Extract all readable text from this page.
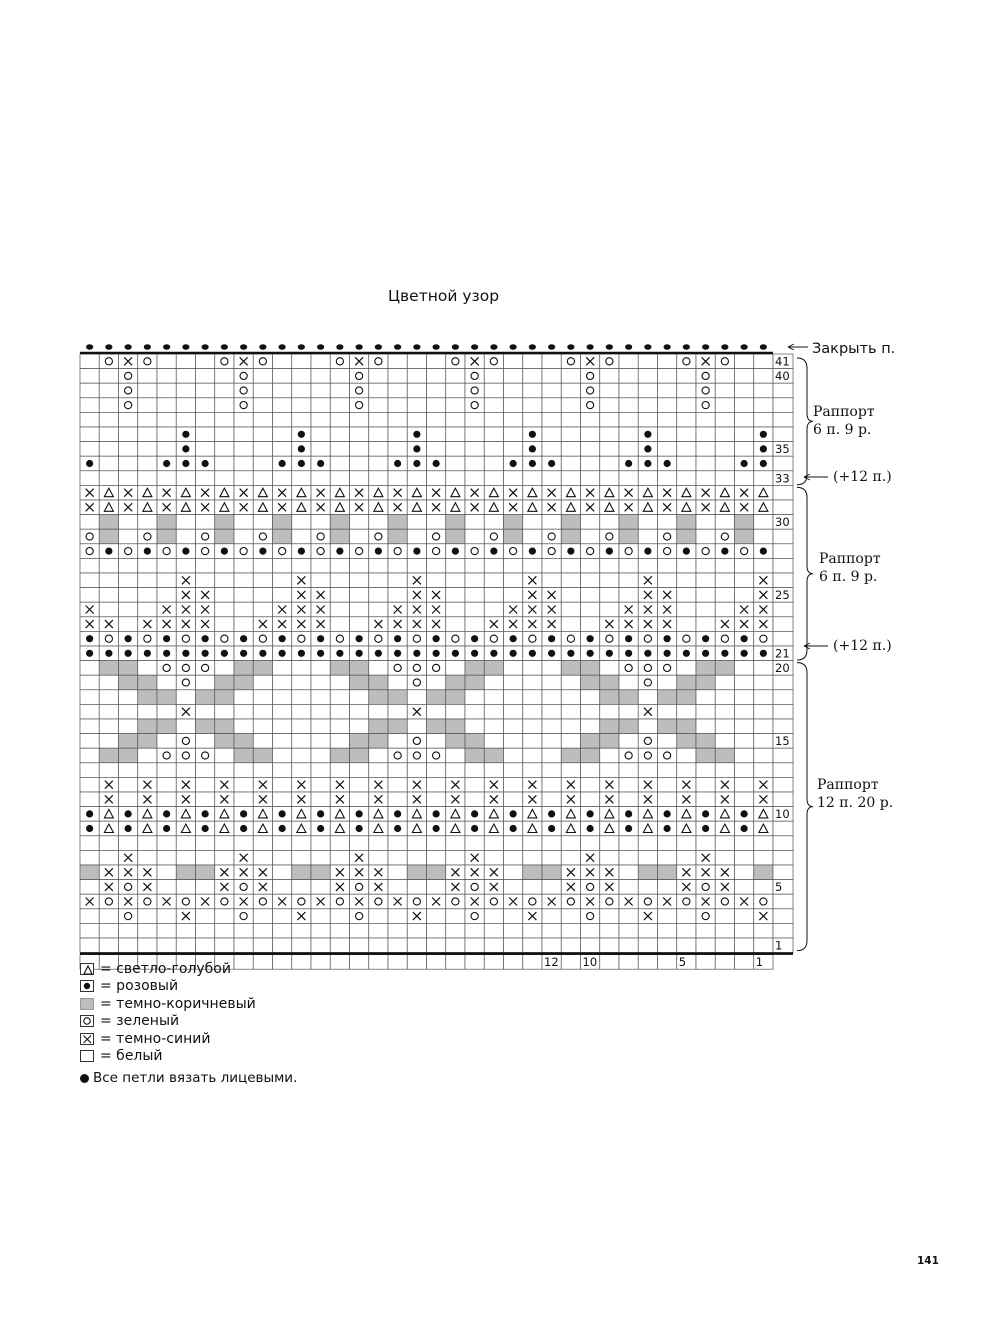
Цветной узор
1
5
10
15
20
21
25
30
33
35
40
41
12 10	5	1
Закрыть п.
Раппорт
6 п. 9 р.
(+12 п.)
Раппорт
6 п. 9 р.
(+12 п.)
Раппорт
12 п. 20 р.
= светло-голубой
= розовый
= темно-коричневый
= зеленый
= темно-синий
= белый
Все петли вязать лицевыми.
141
